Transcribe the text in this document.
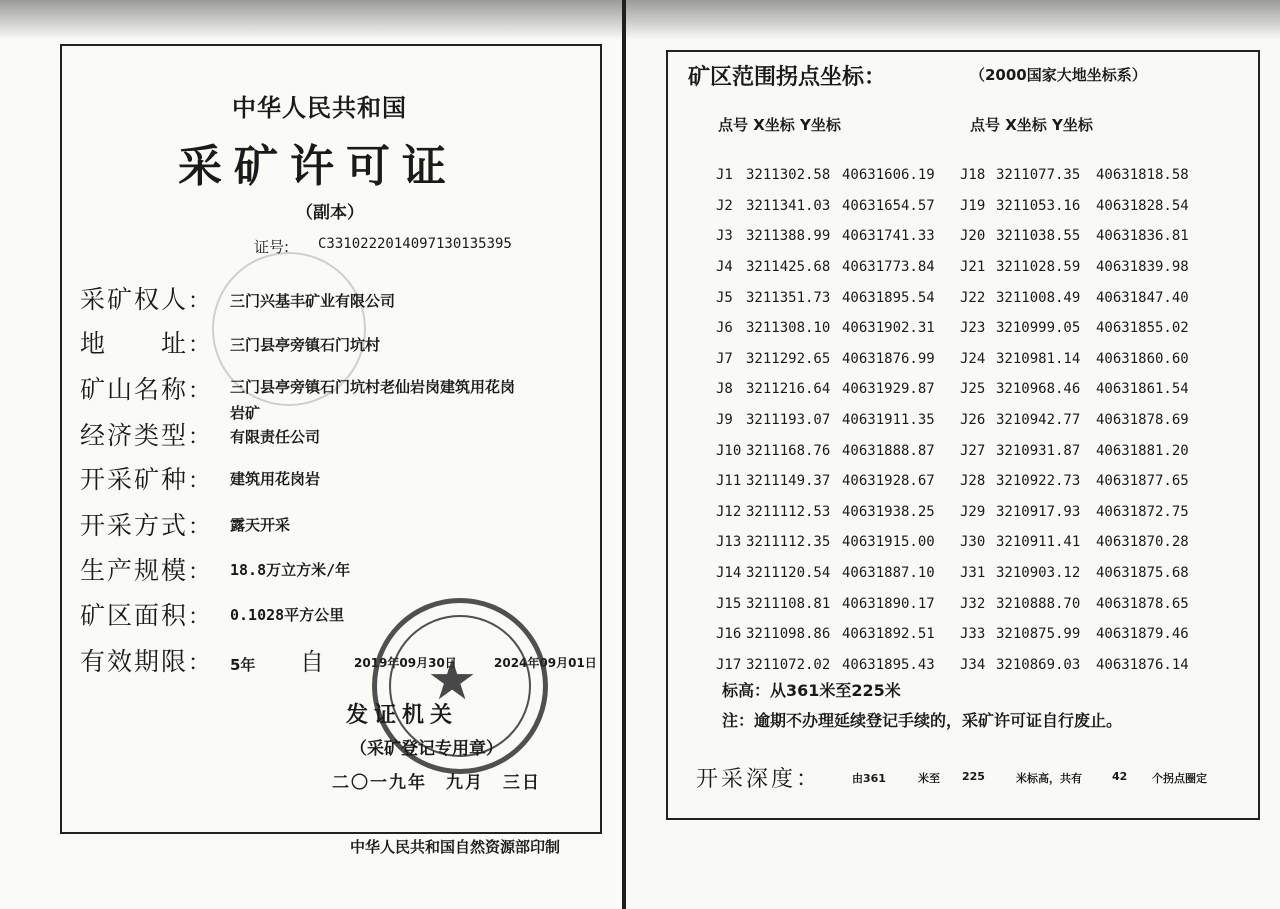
中华人民共和国
采矿许可证
（副本）
证号: C3310222014097130135395
采矿权人： 三门兴基丰矿业有限公司
地　　址： 三门县亭旁镇石门坑村
矿山名称： 三门县亭旁镇石门坑村老仙岩岗建筑用花岗
岩矿
经济类型： 有限责任公司
开采矿种： 建筑用花岗岩
开采方式： 露天开采
生产规模： 18.8万立方米/年
矿区面积： 0.1028平方公里
有效期限： 5年 自	2019年09月30日	2024年09月01日
★
发证机关
（采矿登记专用章）
二〇一九年　九月　三日
中华人民共和国自然资源部印制
矿区范围拐点坐标：	（2000国家大地坐标系）
点号 X坐标 Y坐标	点号 X坐标 Y坐标
J1	3211302.58	40631606.19	J18	3211077.35	40631818.58
J2	3211341.03	40631654.57	J19	3211053.16	40631828.54
J3	3211388.99	40631741.33	J20	3211038.55	40631836.81
J4	3211425.68	40631773.84	J21	3211028.59	40631839.98
J5	3211351.73	40631895.54	J22	3211008.49	40631847.40
J6	3211308.10	40631902.31	J23	3210999.05	40631855.02
J7	3211292.65	40631876.99	J24	3210981.14	40631860.60
J8	3211216.64	40631929.87	J25	3210968.46	40631861.54
J9	3211193.07	40631911.35	J26	3210942.77	40631878.69
J10	3211168.76	40631888.87	J27	3210931.87	40631881.20
J11	3211149.37	40631928.67	J28	3210922.73	40631877.65
J12	3211112.53	40631938.25	J29	3210917.93	40631872.75
J13	3211112.35	40631915.00	J30	3210911.41	40631870.28
J14	3211120.54	40631887.10	J31	3210903.12	40631875.68
J15	3211108.81	40631890.17	J32	3210888.70	40631878.65
J16	3211098.86	40631892.51	J33	3210875.99	40631879.46
J17	3211072.02	40631895.43	J34	3210869.03	40631876.14
标高：从361米至225米
注：逾期不办理延续登记手续的，采矿许可证自行废止。
开采深度：	由361	米至 225	米标高，共有	42 个拐点圈定
